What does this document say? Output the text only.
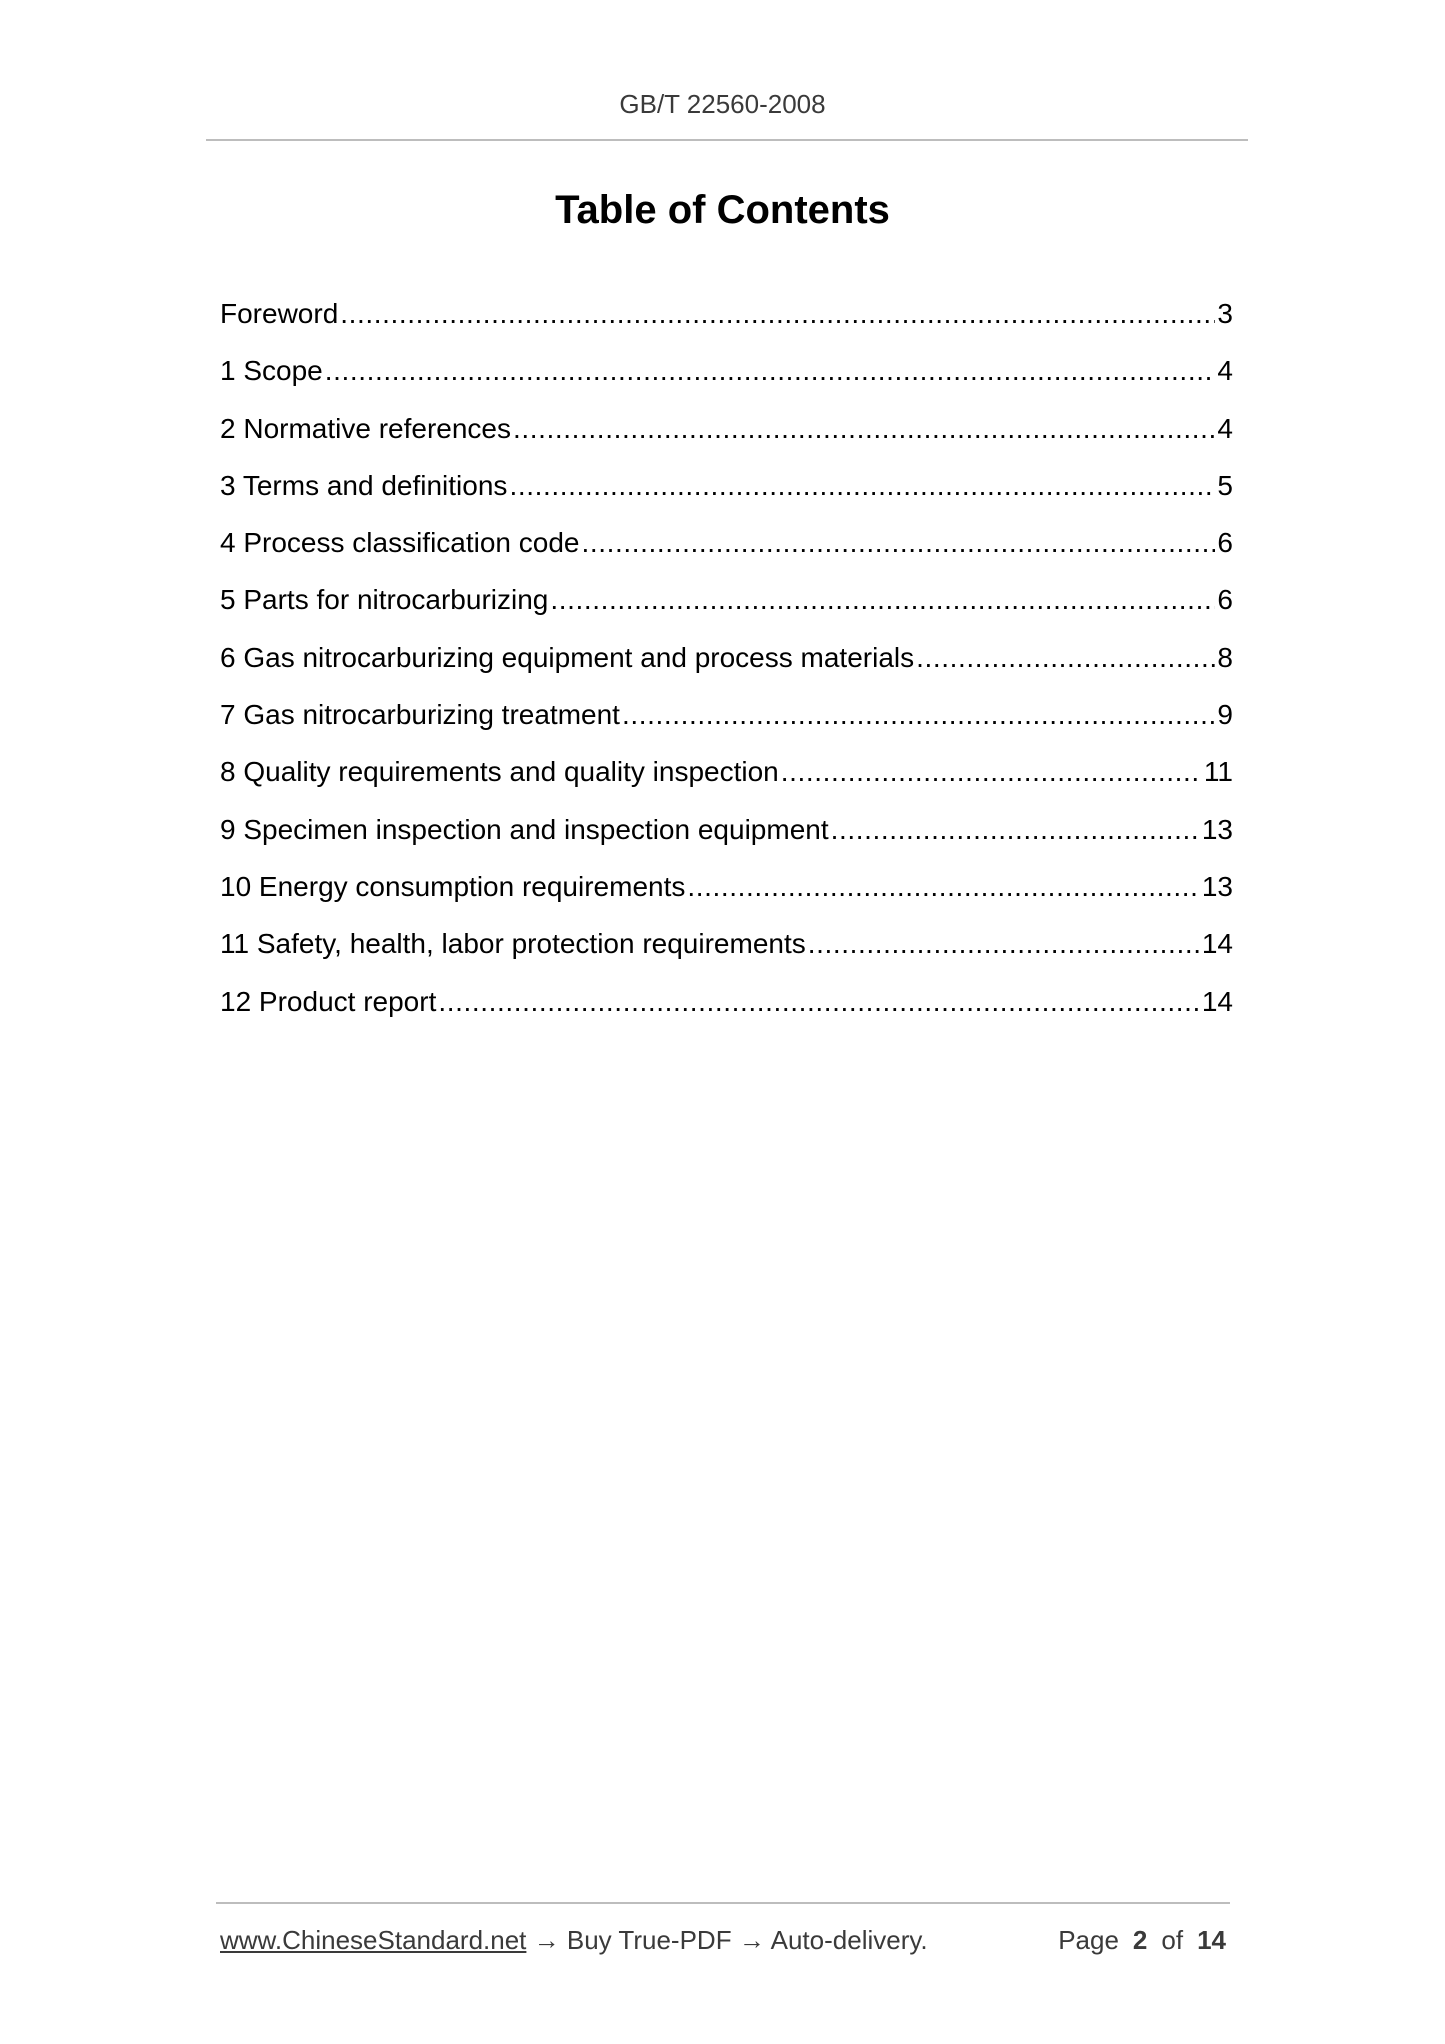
GB/T 22560-2008
Table of Contents
Foreword .....	3
1 Scope .....	4
2 Normative references .....	4
3 Terms and definitions .....	5
4 Process classification code .....	6
5 Parts for nitrocarburizing .....	6
6 Gas nitrocarburizing equipment and process materials .....	8
7 Gas nitrocarburizing treatment .....	9
8 Quality requirements and quality inspection .....	11
9 Specimen inspection and inspection equipment .....	13
10 Energy consumption requirements .....	13
11 Safety, health, labor protection requirements .....	14
12 Product report .....	14
www.ChineseStandard.net → Buy True-PDF → Auto-delivery.	Page 2 of 14
